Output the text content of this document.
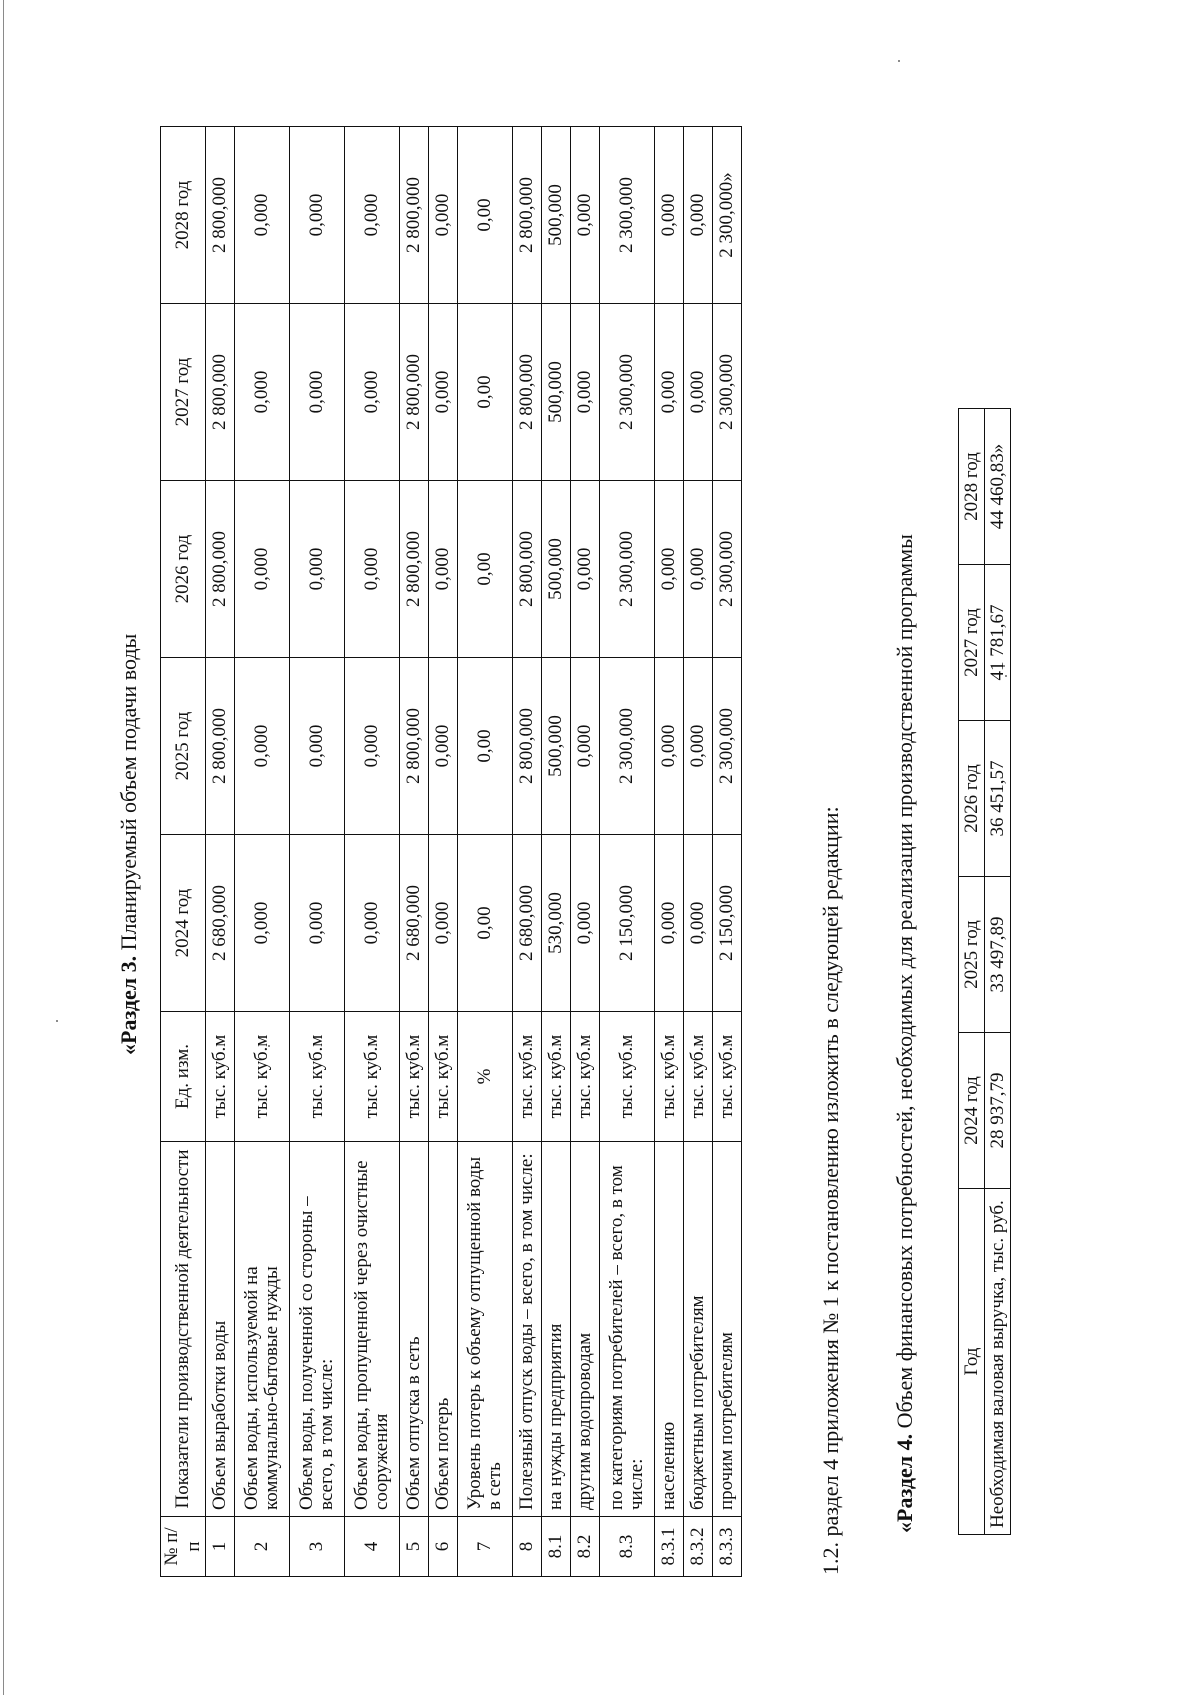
«Раздел 3. Планируемый объем подачи воды
№ п/п	Показатели производственной деятельности	Ед. изм.	2024 год	2025 год	2026 год	2027 год	2028 год
1	Объем выработки воды	тыс. куб.м	2 680,000	2 800,000	2 800,000	2 800,000	2 800,000
2	Объем воды, используемой на коммунально-бытовые нужды	тыс. куб.м	0,000	0,000	0,000	0,000	0,000
3	Объем воды, полученной со стороны – всего, в том числе:	тыс. куб.м	0,000	0,000	0,000	0,000	0,000
4	Объем воды, пропущенной через очистные сооружения	тыс. куб.м	0,000	0,000	0,000	0,000	0,000
5	Объем отпуска в сеть	тыс. куб.м	2 680,000	2 800,000	2 800,000	2 800,000	2 800,000
6	Объем потерь	тыс. куб.м	0,000	0,000	0,000	0,000	0,000
7	Уровень потерь к объему отпущенной воды в сеть	%	0,00	0,00	0,00	0,00	0,00
8	Полезный отпуск воды – всего, в том числе:	тыс. куб.м	2 680,000	2 800,000	2 800,000	2 800,000	2 800,000
8.1	на нужды предприятия	тыс. куб.м	530,000	500,000	500,000	500,000	500,000
8.2	другим водопроводам	тыс. куб.м	0,000	0,000	0,000	0,000	0,000
8.3	по категориям потребителей – всего, в том числе:	тыс. куб.м	2 150,000	2 300,000	2 300,000	2 300,000	2 300,000
8.3.1	населению	тыс. куб.м	0,000	0,000	0,000	0,000	0,000
8.3.2	бюджетным потребителям	тыс. куб.м	0,000	0,000	0,000	0,000	0,000
8.3.3	прочим потребителям	тыс. куб.м	2 150,000	2 300,000	2 300,000	2 300,000	2 300,000»
1.2. раздел 4 приложения № 1 к постановлению изложить в следующей редакции: «Раздел 4. Объем финансовых потребностей, необходимых для реализации производственной программы Год	2024 год	2025 год	2026 год	2027 год	2028 год
Необходимая валовая выручка, тыс. руб.	28 937,79	33 497,89	36 451,57	41 781,67	44 460,83»
